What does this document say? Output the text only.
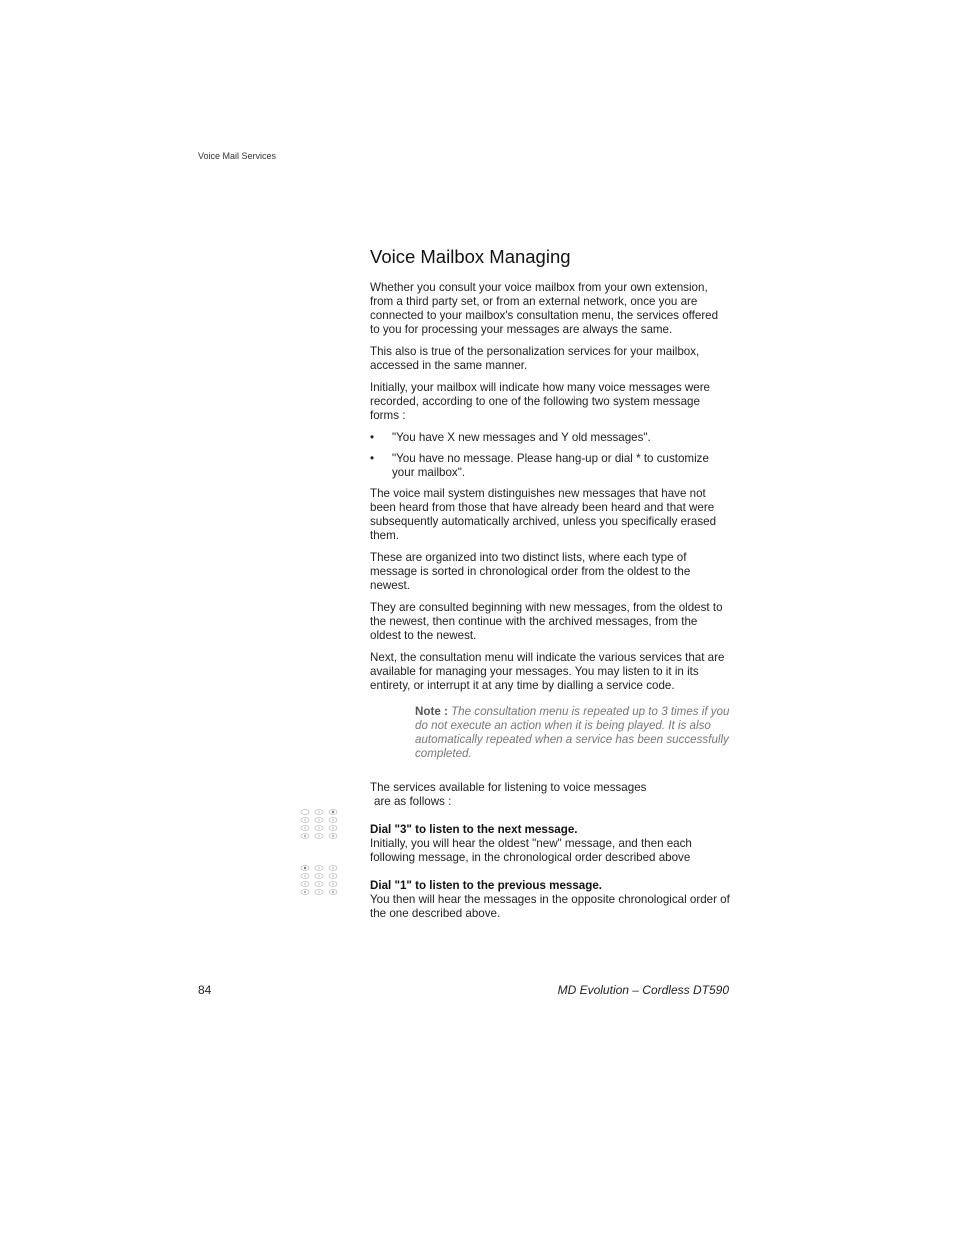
Voice Mail Services
Voice Mailbox Managing

Whether you consult your voice mailbox from your own extension, from a third party set, or from an external network, once you are connected to your mailbox's consultation menu, the services offered to you for processing your messages are always the same.

This also is true of the personalization services for your mailbox, accessed in the same manner.

Initially, your mailbox will indicate how many voice messages were recorded, according to one of the following two system message forms :

• "You have X new messages and Y old messages".
• "You have no message. Please hang-up or dial * to customize your mailbox".

The voice mail system distinguishes new messages that have not been heard from those that have already been heard and that were subsequently automatically archived, unless you specifically erased them.

These are organized into two distinct lists, where each type of message is sorted in chronological order from the oldest to the newest.

They are consulted beginning with new messages, from the oldest to the newest, then continue with the archived messages, from the oldest to the newest.

Next, the consultation menu will indicate the various services that are available for managing your messages. You may listen to it in its entirety, or interrupt it at any time by dialling a service code.

Note : The consultation menu is repeated up to 3 times if you do not execute an action when it is being played. It is also automatically repeated when a service has been successfully completed.
The services available for listening to voice messages
are as follows :
Dial "3" to listen to the next message.
Initially, you will hear the oldest "new" message, and then each following message, in the chronological order described above
Dial "1" to listen to the previous message.
You then will hear the messages in the opposite chronological order of the one described above.
84	MD Evolution – Cordless DT590
